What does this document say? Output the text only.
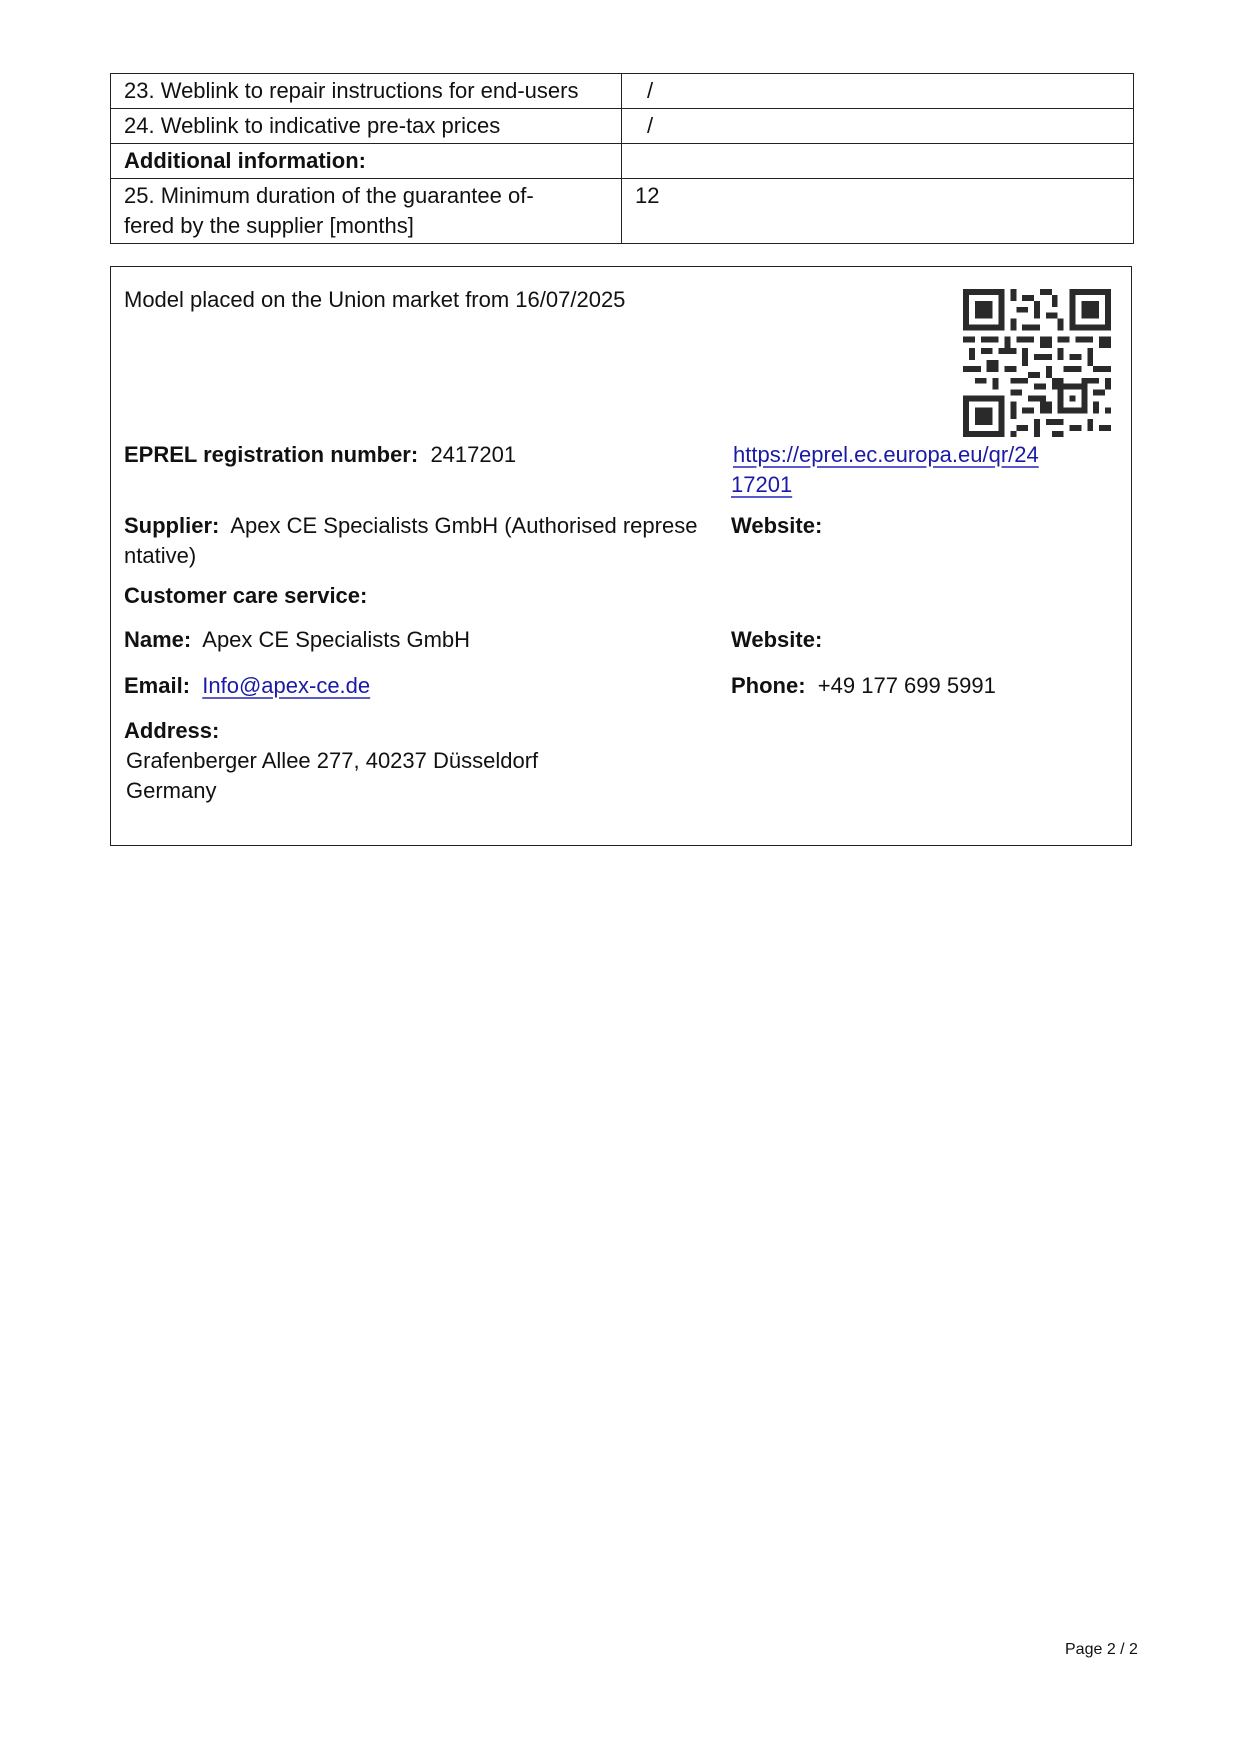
23. Weblink to repair instructions for end-users	/
24. Weblink to indicative pre-tax prices	/
Additional information:	

25. Minimum duration of the guarantee of-
fered by the supplier [months]	12
Model placed on the Union market from 16/07/2025
EPREL registration number: 2417201	https://eprel.ec.europa.eu/qr/24
17201
Supplier: Apex CE Specialists GmbH (Authorised represe
ntative)
Website:
Customer care service:
Name: Apex CE Specialists GmbH	Website:
Email: Info@apex-ce.de	Phone: +49 177 699 5991
Address:
Grafenberger Allee 277, 40237 Düsseldorf
Germany
Page 2 / 2
